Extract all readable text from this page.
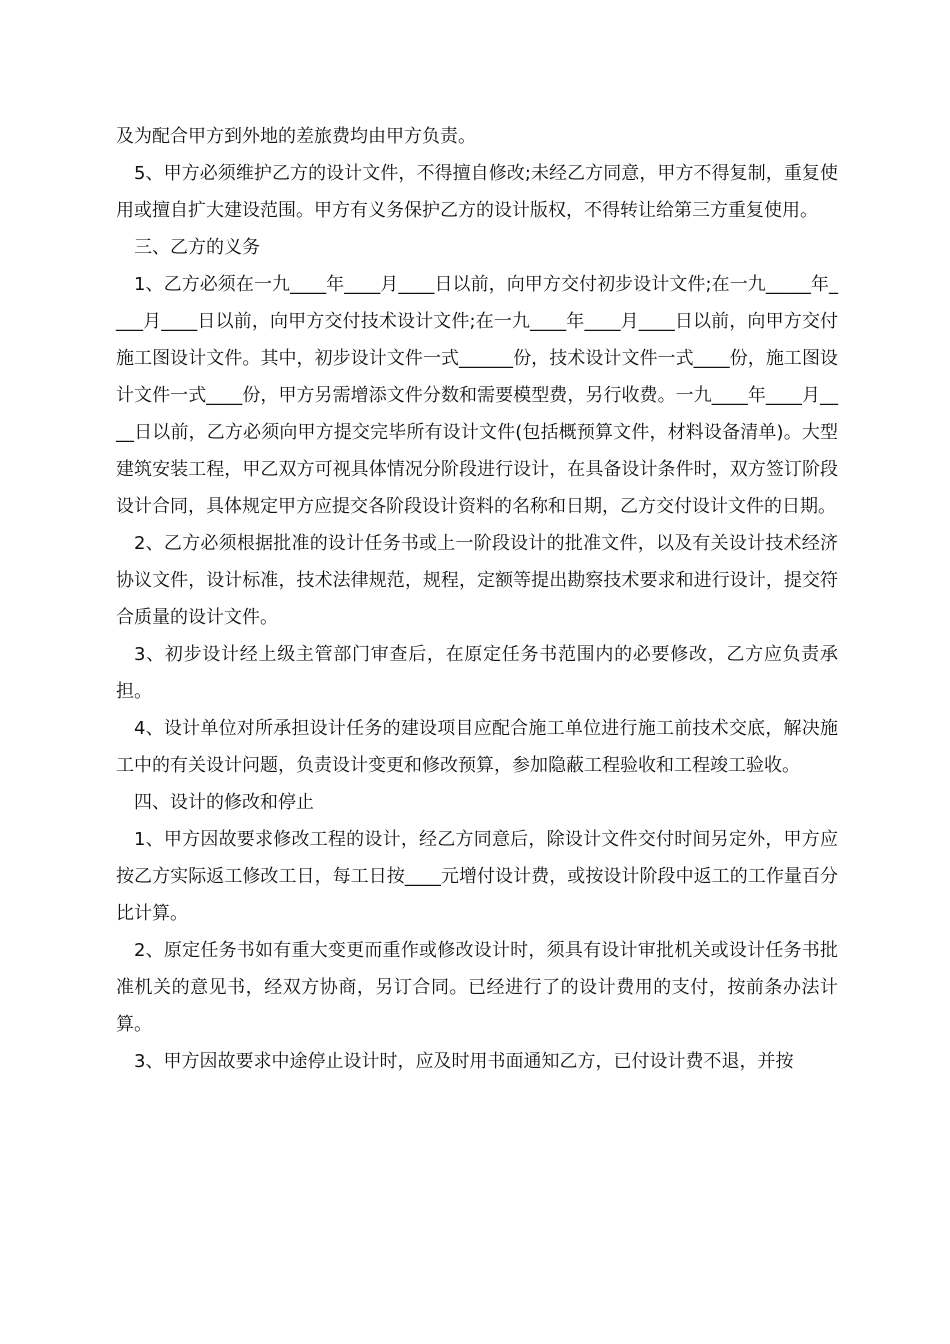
及为配合甲方到外地的差旅费均由甲方负责。

5、甲方必须维护乙方的设计文件，不得擅自修改;未经乙方同意，甲方不得复制，重复使用或擅自扩大建设范围。甲方有义务保护乙方的设计版权，不得转让给第三方重复使用。

三、乙方的义务

1、乙方必须在一九____年____月____日以前，向甲方交付初步设计文件;在一九_____年____月____日以前，向甲方交付技术设计文件;在一九____年____月____日以前，向甲方交付施工图设计文件。其中，初步设计文件一式______份，技术设计文件一式____份，施工图设计文件一式____份，甲方另需增添文件分数和需要模型费，另行收费。一九____年____月____日以前，乙方必须向甲方提交完毕所有设计文件(包括概预算文件，材料设备清单)。大型建筑安装工程，甲乙双方可视具体情况分阶段进行设计，在具备设计条件时，双方签订阶段设计合同，具体规定甲方应提交各阶段设计资料的名称和日期，乙方交付设计文件的日期。

2、乙方必须根据批准的设计任务书或上一阶段设计的批准文件，以及有关设计技术经济协议文件，设计标准，技术法律规范，规程，定额等提出勘察技术要求和进行设计，提交符合质量的设计文件。

3、初步设计经上级主管部门审查后，在原定任务书范围内的必要修改，乙方应负责承担。

4、设计单位对所承担设计任务的建设项目应配合施工单位进行施工前技术交底，解决施工中的有关设计问题，负责设计变更和修改预算，参加隐蔽工程验收和工程竣工验收。

四、设计的修改和停止

1、甲方因故要求修改工程的设计，经乙方同意后，除设计文件交付时间另定外，甲方应按乙方实际返工修改工日，每工日按____元增付设计费，或按设计阶段中返工的工作量百分比计算。

2、原定任务书如有重大变更而重作或修改设计时，须具有设计审批机关或设计任务书批准机关的意见书，经双方协商，另订合同。已经进行了的设计费用的支付，按前条办法计算。

3、甲方因故要求中途停止设计时，应及时用书面通知乙方，已付设计费不退，并按
